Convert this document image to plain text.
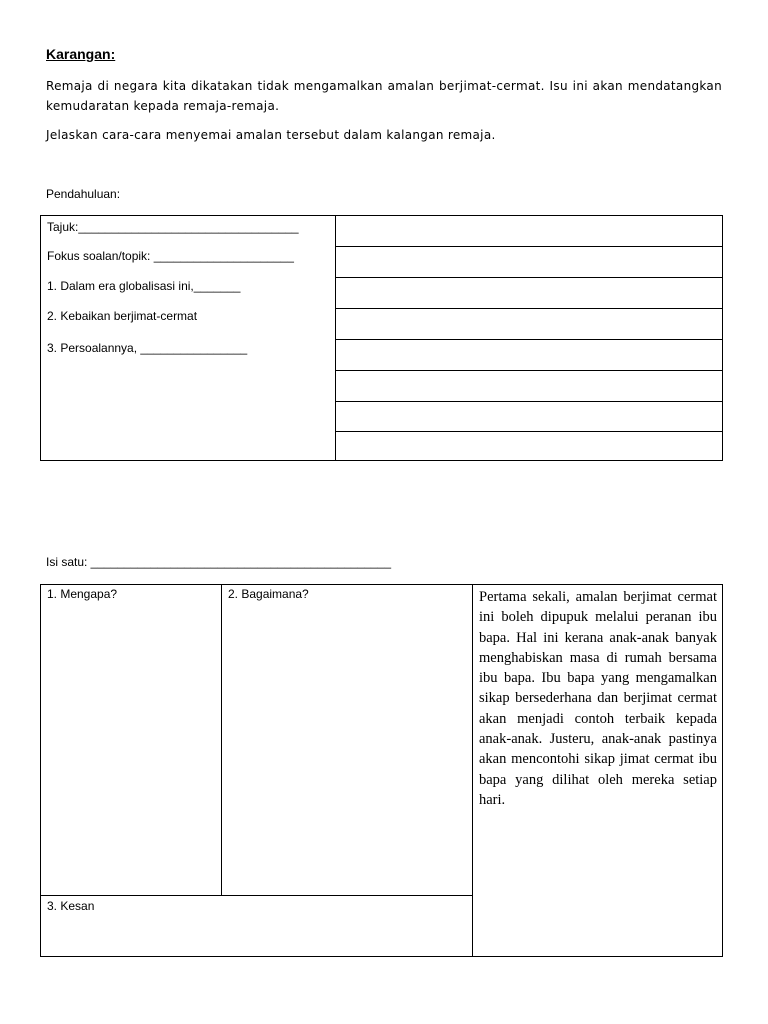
Karangan:
Remaja di negara kita dikatakan tidak mengamalkan amalan berjimat-cermat. Isu ini akan mendatangkan kemudaratan kepada remaja-remaja.
Jelaskan cara-cara menyemai amalan tersebut dalam kalangan remaja.
Pendahuluan:
Tajuk:_________________________________
Fokus soalan/topik: _____________________
1. Dalam era globalisasi ini,_______
2. Kebaikan berjimat-cermat
3. Persoalannya, ________________
Isi satu: _____________________________________________
1. Mengapa?	2. Bagaimana?
3. Kesan
Pertama sekali, amalan berjimat cermat ini boleh dipupuk melalui peranan ibu bapa. Hal ini kerana anak-anak banyak menghabiskan masa di rumah bersama ibu bapa. Ibu bapa yang mengamalkan sikap bersederhana dan berjimat cermat akan menjadi contoh terbaik kepada anak-anak. Justeru, anak-anak pastinya akan mencontohi sikap jimat cermat ibu bapa yang dilihat oleh mereka setiap hari.
